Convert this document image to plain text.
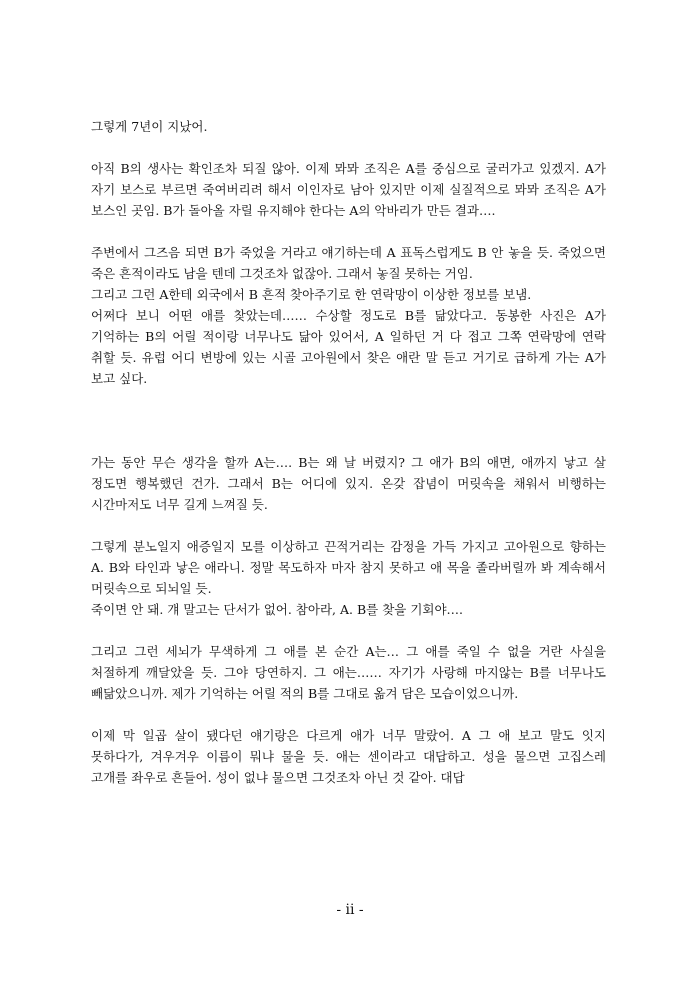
그렇게 7년이 지났어.

아직 B의 생사는 확인조차 되질 않아. 이제 뫄뫄 조직은 A를 중심으로 굴러가고 있겠지. A가 자기 보스로 부르면 죽여버리려 해서 이인자로 남아 있지만 이제 실질적으로 뫄뫄 조직은 A가 보스인 곳임. B가 돌아올 자릴 유지해야 한다는 A의 악바리가 만든 결과….

주변에서 그즈음 되면 B가 죽었을 거라고 얘기하는데 A 표독스럽게도 B 안 놓을 듯. 죽었으면 죽은 흔적이라도 남을 텐데 그것조차 없잖아. 그래서 놓질 못하는 거임.

그리고 그런 A한테 외국에서 B 흔적 찾아주기로 한 연락망이 이상한 정보를 보냄.

어쩌다 보니 어떤 애를 찾았는데…… 수상할 정도로 B를 닮았다고. 동봉한 사진은 A가 기억하는 B의 어릴 적이랑 너무나도 닮아 있어서, A 일하던 거 다 접고 그쪽 연락망에 연락 취할 듯. 유럽 어디 변방에 있는 시골 고아원에서 찾은 애란 말 듣고 거기로 급하게 가는 A가 보고 싶다.

가는 동안 무슨 생각을 할까 A는…. B는 왜 날 버렸지? 그 애가 B의 애면, 애까지 낳고 살 정도면 행복했던 건가. 그래서 B는 어디에 있지. 온갖 잡념이 머릿속을 채워서 비행하는 시간마저도 너무 길게 느껴질 듯.

그렇게 분노일지 애증일지 모를 이상하고 끈적거리는 감정을 가득 가지고 고아원으로 향하는 A. B와 타인과 낳은 애라니. 정말 목도하자 마자 참지 못하고 애 목을 졸라버릴까 봐 계속해서 머릿속으로 되뇌일 듯.

죽이면 안 돼. 걔 말고는 단서가 없어. 참아라, A. B를 찾을 기회야….

그리고 그런 세뇌가 무색하게 그 애를 본 순간 A는… 그 애를 죽일 수 없을 거란 사실을 처절하게 깨달았을 듯. 그야 당연하지. 그 애는…… 자기가 사랑해 마지않는 B를 너무나도 빼닮았으니까. 제가 기억하는 어릴 적의 B를 그대로 옮겨 담은 모습이었으니까.

이제 막 일곱 살이 됐다던 얘기랑은 다르게 애가 너무 말랐어. A 그 애 보고 말도 잇지 못하다가, 겨우겨우 이름이 뭐냐 물을 듯. 애는 센이라고 대답하고. 성을 물으면 고집스레 고개를 좌우로 흔들어. 성이 없냐 물으면 그것조차 아닌 것 같아. 대답

- ii -
